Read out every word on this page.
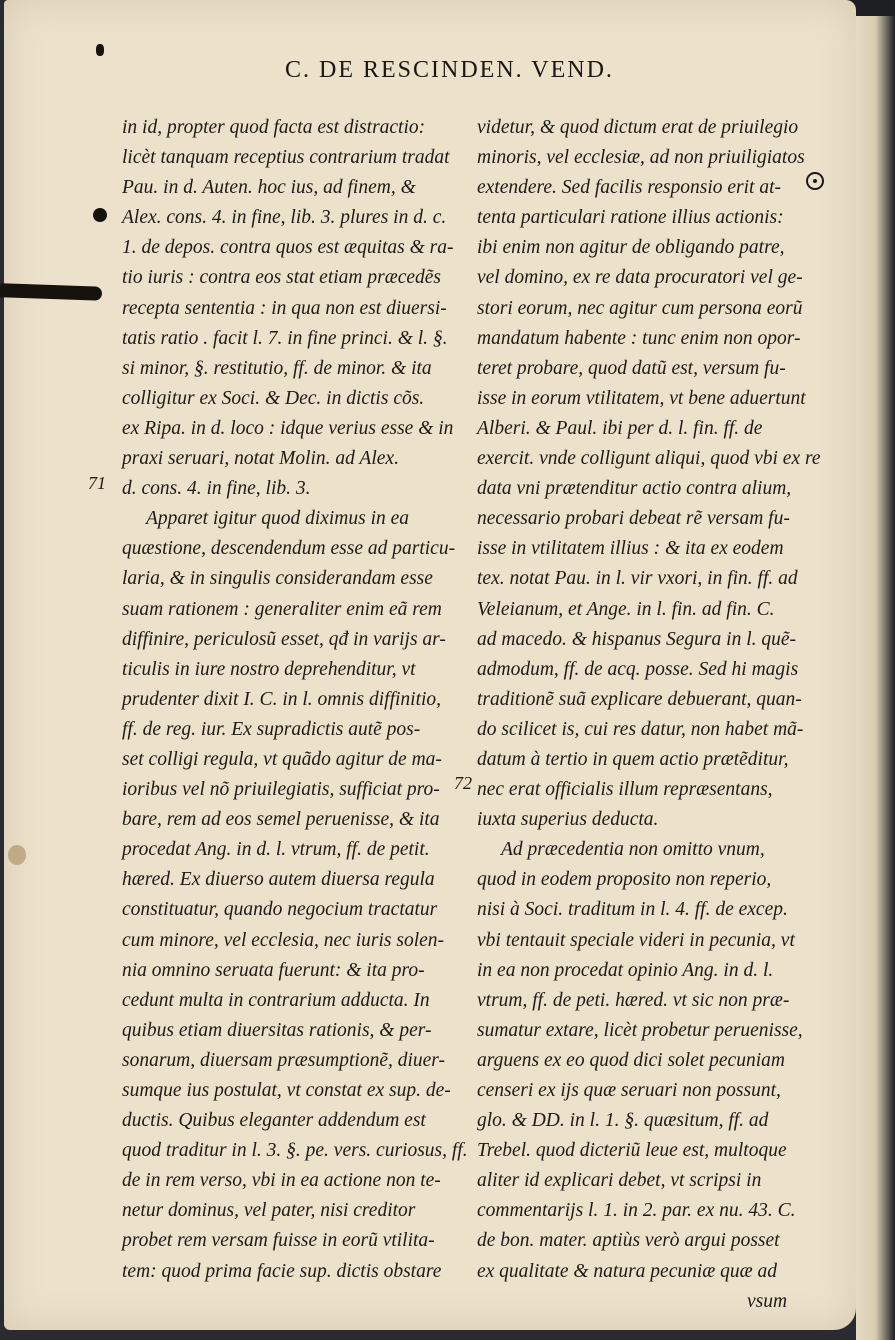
C. DE RESCINDEN. VEND.
71
72
in id, propter quod facta est distractio:
licèt tanquam receptius contrarium tradat
Pau. in d. Auten. hoc ius, ad finem, &
Alex. cons. 4. in fine, lib. 3. plures in d. c.
1. de depos. contra quos est æquitas & ra-
tio iuris : contra eos stat etiam præcedẽs
recepta sententia : in qua non est diuersi-
tatis ratio . facit l. 7. in fine princi. & l. §.
si minor, §. restitutio, ff. de minor. & ita
colligitur ex Soci. & Dec. in dictis cõs.
ex Ripa. in d. loco : idque verius esse & in
praxi seruari, notat Molin. ad Alex.
d. cons. 4. in fine, lib. 3.
Apparet igitur quod diximus in ea
quæstione, descendendum esse ad particu-
laria, & in singulis considerandam esse
suam rationem : generaliter enim eã rem
diffinire, periculosũ esset, qđ in varijs ar-
ticulis in iure nostro deprehenditur, vt
prudenter dixit I. C. in l. omnis diffinitio,
ff. de reg. iur. Ex supradictis autẽ pos-
set colligi regula, vt quãdo agitur de ma-
ioribus vel nõ priuilegiatis, sufficiat pro-
bare, rem ad eos semel peruenisse, & ita
procedat Ang. in d. l. vtrum, ff. de petit.
hæred. Ex diuerso autem diuersa regula
constituatur, quando negocium tractatur
cum minore, vel ecclesia, nec iuris solen-
nia omnino seruata fuerunt: & ita pro-
cedunt multa in contrarium adducta. In
quibus etiam diuersitas rationis, & per-
sonarum, diuersam præsumptionẽ, diuer-
sumque ius postulat, vt constat ex sup. de-
ductis. Quibus eleganter addendum est
quod traditur in l. 3. §. pe. vers. curiosus, ff.
de in rem verso, vbi in ea actione non te-
netur dominus, vel pater, nisi creditor
probet rem versam fuisse in eorũ vtilita-
tem: quod prima facie sup. dictis obstare
videtur, & quod dictum erat de priuilegio
minoris, vel ecclesiæ, ad non priuiligiatos
extendere. Sed facilis responsio erit at-
tenta particulari ratione illius actionis:
ibi enim non agitur de obligando patre,
vel domino, ex re data procuratori vel ge-
stori eorum, nec agitur cum persona eorũ
mandatum habente : tunc enim non opor-
teret probare, quod datũ est, versum fu-
isse in eorum vtilitatem, vt bene aduertunt
Alberi. & Paul. ibi per d. l. fin. ff. de
exercit. vnde colligunt aliqui, quod vbi ex re
data vni prætenditur actio contra alium,
necessario probari debeat rẽ versam fu-
isse in vtilitatem illius : & ita ex eodem
tex. notat Pau. in l. vir vxori, in fin. ff. ad
Veleianum, et Ange. in l. fin. ad fin. C.
ad macedo. & hispanus Segura in l. quẽ-
admodum, ff. de acq. posse. Sed hi magis
traditionẽ suã explicare debuerant, quan-
do scilicet is, cui res datur, non habet mã-
datum à tertio in quem actio prætẽditur,
nec erat officialis illum repræsentans,
iuxta superius deducta.
Ad præcedentia non omitto vnum,
quod in eodem proposito non reperio,
nisi à Soci. traditum in l. 4. ff. de excep.
vbi tentauit speciale videri in pecunia, vt
in ea non procedat opinio Ang. in d. l.
vtrum, ff. de peti. hæred. vt sic non præ-
sumatur extare, licèt probetur peruenisse,
arguens ex eo quod dici solet pecuniam
censeri ex ijs quæ seruari non possunt,
glo. & DD. in l. 1. §. quæsitum, ff. ad
Trebel. quod dicteriũ leue est, multoque
aliter id explicari debet, vt scripsi in
commentarijs l. 1. in 2. par. ex nu. 43. C.
de bon. mater. aptiùs verò argui posset
ex qualitate & natura pecuniæ quæ ad
vsum
